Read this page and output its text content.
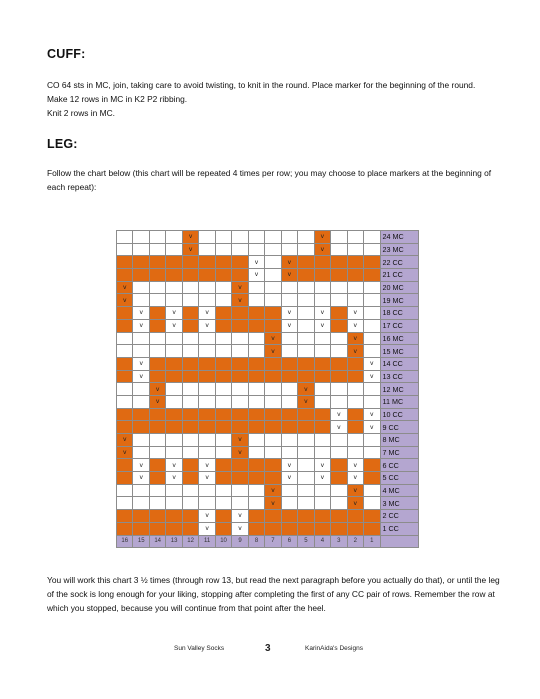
CUFF:

CO 64 sts in MC, join, taking care to avoid twisting, to knit in the round. Place marker for the beginning of the round. Make 12 rows in MC in K2 P2 ribbing.

Knit 2 rows in MC.

LEG:
Follow the chart below (this chart will be repeated 4 times per row; you may choose to place markers at the beginning of each repeat):
				v								v				24 MC
				v								v				23 MC
								v		v						22 CC
								v		v						21 CC
v							v									20 MC
v							v									19 MC
	v		v		v					v		v		v		18 CC
	v		v		v					v		v		v		17 CC
									v					v		16 MC
									v					v		15 MC
	v														v	14 CC
	v														v	13 CC
		v									v					12 MC
		v									v					11 MC
													v		v	10 CC
													v		v	9 CC
v							v									8 MC
v							v									7 MC
	v		v		v					v		v		v		6 CC
	v		v		v					v		v		v		5 CC
									v					v		4 MC
									v					v		3 MC
					v		v									2 CC
					v		v									1 CC
16	15	14	13	12	11	10	9	8	7	6	5	4	3	2	1	
You will work this chart 3 ½ times (through row 13, but read the next paragraph before you actually do that), or until the leg of the sock is long enough for your liking, stopping after completing the first of any CC pair of rows. Remember the row at which you stopped, because you will continue from that point after the heel.
Sun Valley Socks	3	KarinAida's Designs
